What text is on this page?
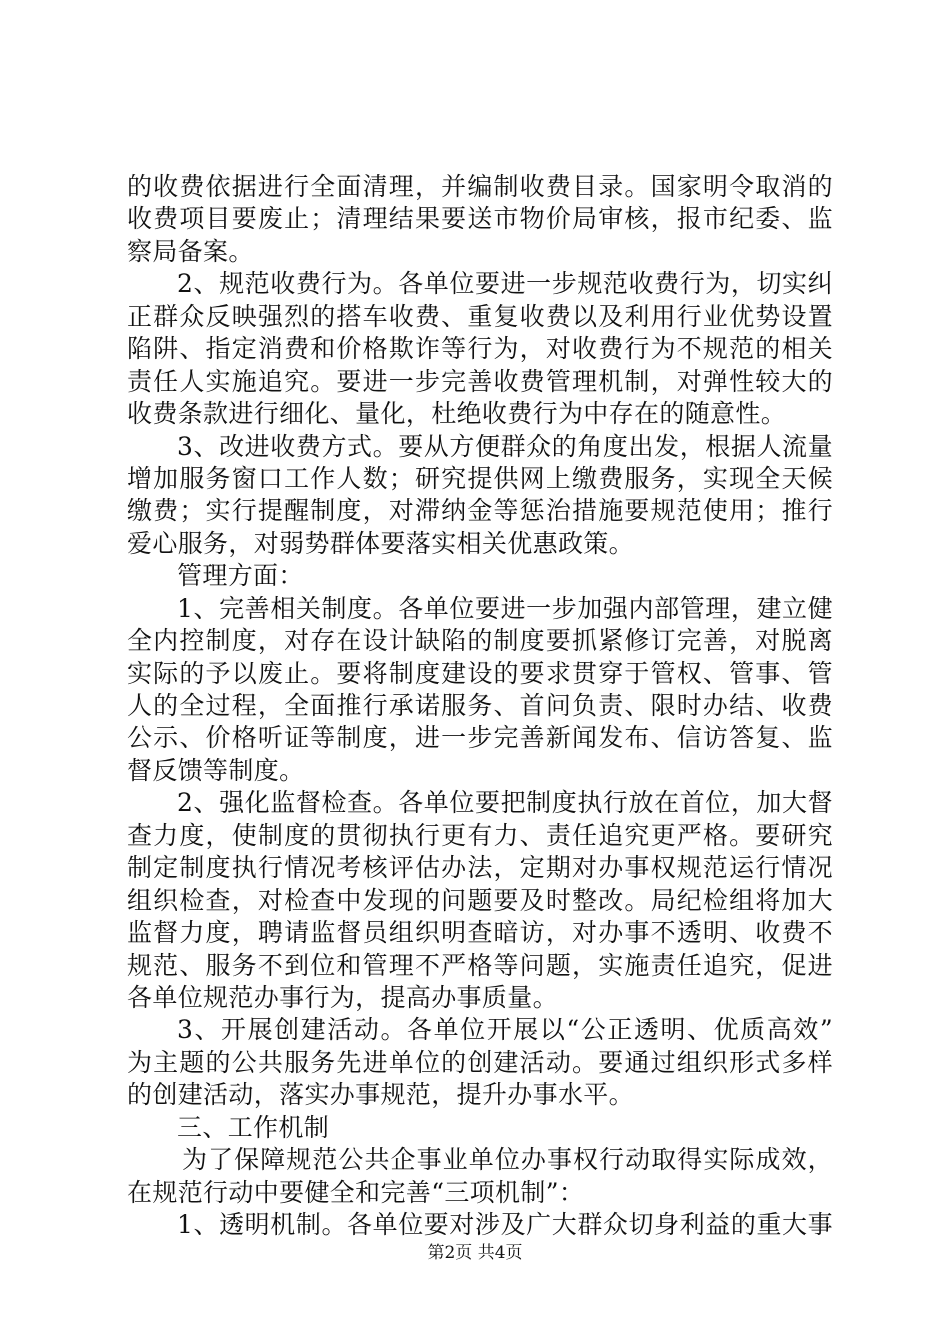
的收费依据进行全面清理，并编制收费目录。国家明令取消的
收费项目要废止；清理结果要送市物价局审核，报市纪委、监
察局备案。
2、规范收费行为。各单位要进一步规范收费行为，切实纠
正群众反映强烈的搭车收费、重复收费以及利用行业优势设置
陷阱、指定消费和价格欺诈等行为，对收费行为不规范的相关
责任人实施追究。要进一步完善收费管理机制，对弹性较大的
收费条款进行细化、量化，杜绝收费行为中存在的随意性。
3、改进收费方式。要从方便群众的角度出发，根据人流量
增加服务窗口工作人数；研究提供网上缴费服务，实现全天候
缴费；实行提醒制度，对滞纳金等惩治措施要规范使用；推行
爱心服务，对弱势群体要落实相关优惠政策。
管理方面：
1、完善相关制度。各单位要进一步加强内部管理，建立健
全内控制度，对存在设计缺陷的制度要抓紧修订完善，对脱离
实际的予以废止。要将制度建设的要求贯穿于管权、管事、管
人的全过程，全面推行承诺服务、首问负责、限时办结、收费
公示、价格听证等制度，进一步完善新闻发布、信访答复、监
督反馈等制度。
2、强化监督检查。各单位要把制度执行放在首位，加大督
查力度，使制度的贯彻执行更有力、责任追究更严格。要研究
制定制度执行情况考核评估办法，定期对办事权规范运行情况
组织检查，对检查中发现的问题要及时整改。局纪检组将加大
监督力度，聘请监督员组织明查暗访，对办事不透明、收费不
规范、服务不到位和管理不严格等问题，实施责任追究，促进
各单位规范办事行为，提高办事质量。
3、开展创建活动。各单位开展以“公正透明、优质高效”
为主题的公共服务先进单位的创建活动。要通过组织形式多样
的创建活动，落实办事规范，提升办事水平。
三、工作机制
为了保障规范公共企事业单位办事权行动取得实际成效，
在规范行动中要健全和完善“三项机制”：
1、透明机制。各单位要对涉及广大群众切身利益的重大事
第2页 共4页
